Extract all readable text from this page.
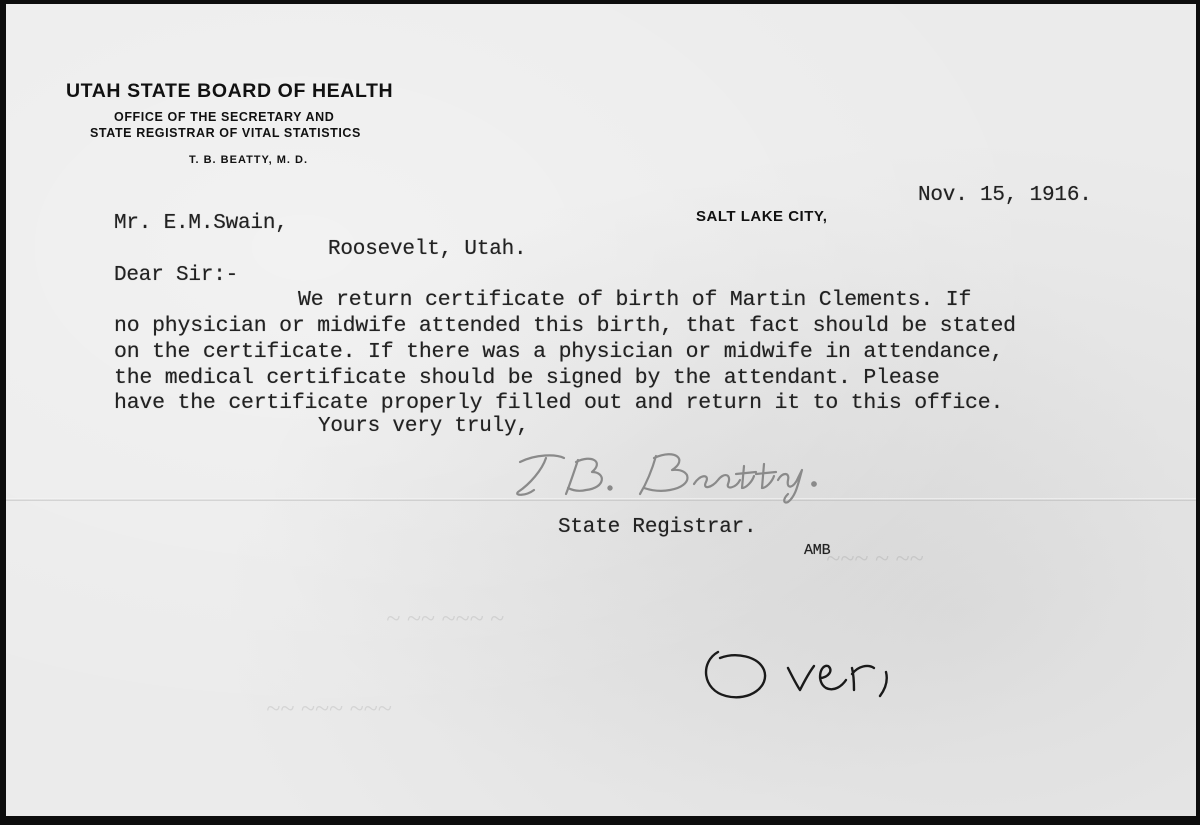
~ ~~ ~~~ ~
~~~ ~ ~~
~~ ~~~ ~~~
UTAH STATE BOARD OF HEALTH
OFFICE OF THE SECRETARY AND
STATE REGISTRAR OF VITAL STATISTICS
T. B. BEATTY, M. D.
SALT LAKE CITY,
Nov. 15, 1916.
Mr. E.M.Swain,
Roosevelt, Utah.
Dear Sir:-
We return certificate of birth of Martin Clements. If
no physician or midwife attended this birth, that fact should be stated
on the certificate. If there was a physician or midwife in attendance,
the medical certificate should be signed by the attendant. Please
have the certificate properly filled out and return it to this office.
Yours very truly,
State Registrar.
AMB
